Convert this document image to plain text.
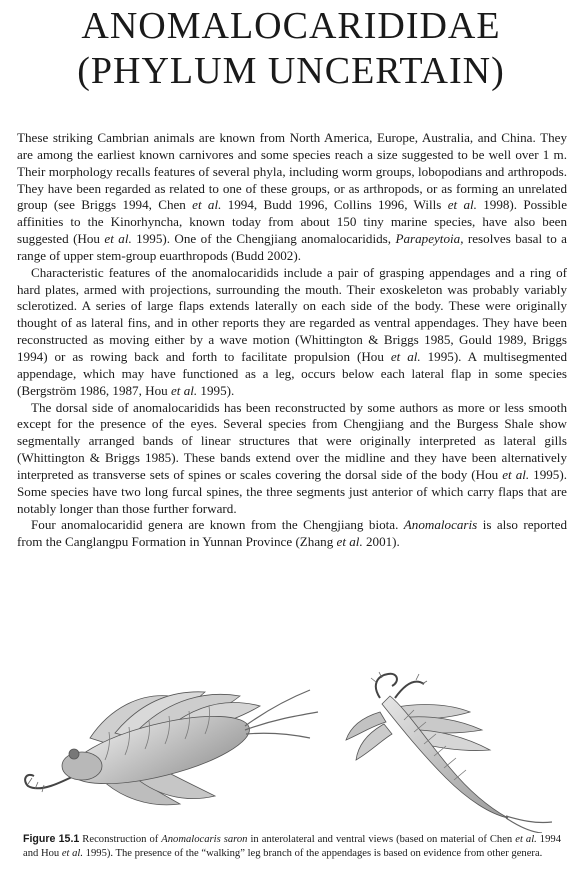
ANOMALOCARIDIDAE
(PHYLUM UNCERTAIN)

These striking Cambrian animals are known from North America, Europe, Australia, and China. They are among the earliest known carnivores and some species reach a size suggested to be well over 1 m. Their morphology recalls features of several phyla, including worm groups, lobopodians and arthropods. They have been regarded as related to one of these groups, or as arthropods, or as forming an unrelated group (see Briggs 1994, Chen et al. 1994, Budd 1996, Collins 1996, Wills et al. 1998). Possible affinities to the Kinorhyncha, known today from about 150 tiny marine species, have also been suggested (Hou et al. 1995). One of the Chengjiang anomalocaridids, Parapeytoia, resolves basal to a range of upper stem-group euarthropods (Budd 2002).

Characteristic features of the anomalocaridids include a pair of grasping appendages and a ring of hard plates, armed with projections, surrounding the mouth. Their exoskeleton was probably variably sclerotized. A series of large flaps extends laterally on each side of the body. These were originally thought of as lateral fins, and in other reports they are regarded as ventral appendages. They have been reconstructed as moving either by a wave motion (Whittington & Briggs 1985, Gould 1989, Briggs 1994) or as rowing back and forth to facilitate propulsion (Hou et al. 1995). A multisegmented appendage, which may have functioned as a leg, occurs below each lateral flap in some species (Bergström 1986, 1987, Hou et al. 1995).

The dorsal side of anomalocaridids has been reconstructed by some authors as more or less smooth except for the presence of the eyes. Several species from Chengjiang and the Burgess Shale show segmentally arranged bands of linear structures that were originally interpreted as lateral gills (Whittington & Briggs 1985). These bands extend over the midline and they have been alternatively interpreted as transverse sets of spines or scales covering the dorsal side of the body (Hou et al. 1995). Some species have two long furcal spines, the three segments just anterior of which carry flaps that are notably longer than those further forward.

Four anomalocaridid genera are known from the Chengjiang biota. Anomalocaris is also reported from the Canglangpu Formation in Yunnan Province (Zhang et al. 2001).

Figure 15.1 Reconstruction of Anomalocaris saron in anterolateral and ventral views (based on material of Chen et al. 1994 and Hou et al. 1995). The presence of the “walking” leg branch of the appendages is based on evidence from other genera.
